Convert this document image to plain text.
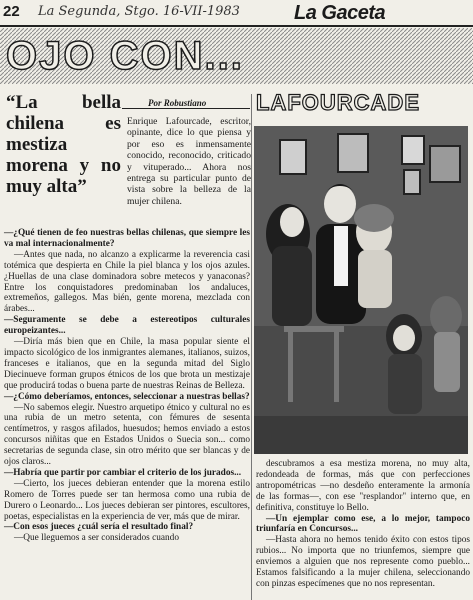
22 La Segunda, Stgo. 16-VII-1983	La Gaceta
OJO CON...
“La bella chilena es mestiza morena y no muy alta”
Por Robustiano
Enrique Lafourcade, escritor, opinante, dice lo que piensa y por eso es inmensamente conocido, reconocido, criticado y vituperado... Ahora nos entrega su particular punto de vista sobre la belleza de la mujer chilena.
LAFOURCADE

—¿Qué tienen de feo nuestras bellas chilenas, que siempre les va mal internacionalmente?

—Antes que nada, no alcanzo a explicarme la reverencia casi totémica que despierta en Chile la piel blanca y los ojos azules. ¿Huellas de una clase dominadora sobre metecos y yanaconas? Entre los conquistadores predominaban los andaluces, extremeños, gallegos. Mas bién, gente morena, mezclada con árabes...

—Seguramente se debe a estereotipos culturales europeizantes...

—Diría más bien que en Chile, la masa popular siente el impacto sicológico de los inmigrantes alemanes, italianos, suizos, franceses e italianos, que en la segunda mitad del Siglo Diecinueve forman grupos étnicos de los que brota un mestizaje que producirá todas o buena parte de nuestras Reinas de Belleza.

—¿Cómo deberíamos, entonces, seleccionar a nuestras bellas?

—No sabemos elegir. Nuestro arquetipo étnico y cultural no es una rubia de un metro setenta, con fémures de sesenta centímetros, y rasgos afilados, huesudos; hemos enviado a estos concursos niñitas que en Estados Unidos o Suecia son... como secretarias de segunda clase, sin otro mérito que ser blancas y de ojos claros...

—Habría que partir por cambiar el criterio de los jurados...

—Cierto, los jueces debieran entender que la morena estilo Romero de Torres puede ser tan hermosa como una rubia de Durero o Leonardo... Los jueces debieran ser pintores, escultores, poetas, especialistas en la experiencia de ver, más que de mirar.

—Con esos jueces ¿cuál sería el resultado final?

—Que lleguemos a ser considerados cuando

descubramos a esa mestiza morena, no muy alta, redondeada de formas, más que con perfecciones antropométricas —no desdeño enteramente la armonía de las formas—, con ese "resplandor" interno que, en definitiva, constituye lo Bello.

—Un ejemplar como ese, a lo mejor, tampoco triunfaría en Concursos...

—Hasta ahora no hemos tenido éxito con estos tipos rubios... No importa que no triunfemos, siempre que enviemos a alguien que nos represente como pueblo... Estamos falsificando a la mujer chilena, seleccionando con pinzas especímenes que no nos representan.
